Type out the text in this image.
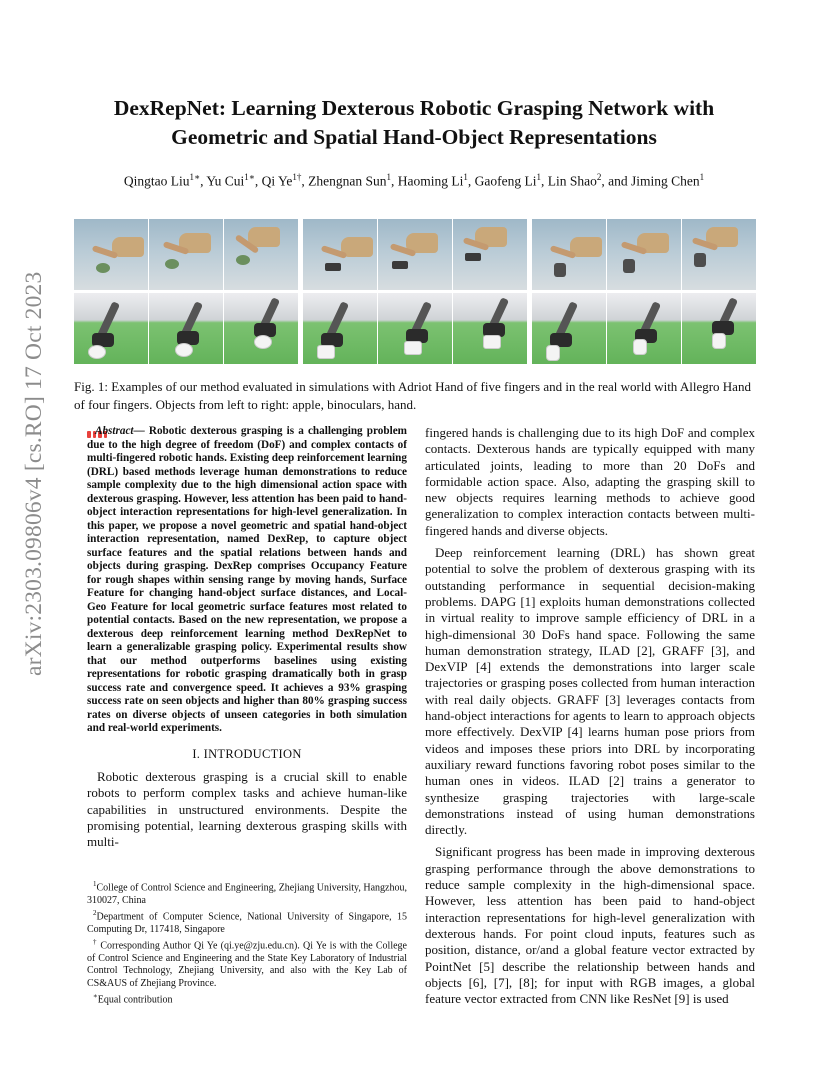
arXiv:2303.09806v4 [cs.RO] 17 Oct 2023
DexRepNet: Learning Dexterous Robotic Grasping Network with
Geometric and Spatial Hand-Object Representations
Qingtao Liu$^{1∗}$, Yu Cui$^{1∗}$, Qi $Ye^{1\dagger}$, Zhengnan Sun$^1$, Haoming Li$^1$, Gaofeng Li$^1$, Lin Shao$^2$, and Jiming Chen$^1$
Fig. 1: Examples of our method evaluated in simulations with Adriot Hand of five fingers and in the real world with Allegro Hand of four fingers. Objects from left to right: apple, binoculars, hand.

Abstract— Robotic dexterous grasping is a challenging problem due to the high degree of freedom (DoF) and complex contacts of multi-fingered robotic hands. Existing deep reinforcement learning (DRL) based methods leverage human demonstrations to reduce sample complexity due to the high dimensional action space with dexterous grasping. However, less attention has been paid to hand-object interaction representations for high-level generalization. In this paper, we propose a novel geometric and spatial hand-object interaction representation, named DexRep, to capture object surface features and the spatial relations between hands and objects during grasping. DexRep comprises Occupancy Feature for rough shapes within sensing range by moving hands, Surface Feature for changing hand-object surface distances, and Local-Geo Feature for local geometric surface features most related to potential contacts. Based on the new representation, we propose a dexterous deep reinforcement learning method DexRepNet to learn a generalizable grasping policy. Experimental results show that our method outperforms baselines using existing representations for robotic grasping dramatically both in grasp success rate and convergence speed. It achieves a 93% grasping success rate on seen objects and higher than 80% grasping success rates on diverse objects of unseen categories in both simulation and real-world experiments.

I. INTRODUCTION

Robotic dexterous grasping is a crucial skill to enable robots to perform complex tasks and achieve human-like capabilities in unstructured environments. Despite the promising potential, learning dexterous grasping skills with multi-

$^1$College of Control Science and Engineering, Zhejiang University, Hangzhou, 310027, China

$^2$Department of Computer Science, National University of Singapore, 15 Computing Dr, 117418, Singapore

† Corresponding Author Qi Ye (qi.ye@zju.edu.cn). Qi Ye is with the College of Control Science and Engineering and the State Key Laboratory of Industrial Control Technology, Zhejiang University, and also with the Key Lab of CS&AUS of Zhejiang Province.

∗Equal contribution

fingered hands is challenging due to its high DoF and complex contacts. Dexterous hands are typically equipped with many articulated joints, leading to more than 20 DoFs and formidable action space. Also, adapting the grasping skill to new objects requires learning methods to achieve good generalization to complex interaction contacts between multi-fingered hands and diverse objects.

Deep reinforcement learning (DRL) has shown great potential to solve the problem of dexterous grasping with its outstanding performance in sequential decision-making problems. DAPG [1] exploits human demonstrations collected in virtual reality to improve sample efficiency of DRL in a high-dimensional 30 DoFs hand space. Following the same human demonstration strategy, ILAD [2], GRAFF [3], and DexVIP [4] extends the demonstrations into larger scale trajectories or grasping poses collected from human interaction with real daily objects. GRAFF [3] leverages contacts from hand-object interactions for agents to learn to approach objects more effectively. DexVIP [4] learns human pose priors from videos and imposes these priors into DRL by incorporating auxiliary reward functions favoring robot poses similar to the human ones in videos. ILAD [2] trains a generator to synthesize grasping trajectories with large-scale demonstrations instead of using human demonstrations directly.

Significant progress has been made in improving dexterous grasping performance through the above demonstrations to reduce sample complexity in the high-dimensional space. However, less attention has been paid to hand-object interaction representations for high-level generalization with dexterous hands. For point cloud inputs, features such as position, distance, or/and a global feature vector extracted by PointNet [5] describe the relationship between hands and objects [6], [7], [8]; for input with RGB images, a global feature vector extracted from CNN like ResNet [9] is used
